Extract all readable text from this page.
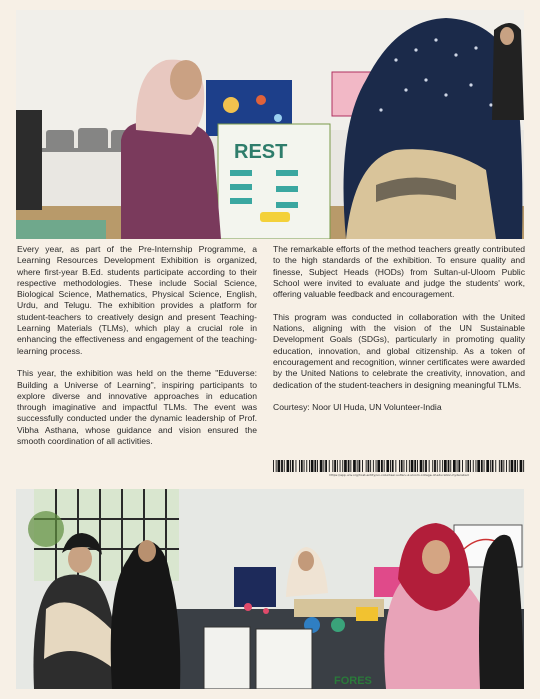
REST

Every year, as part of the Pre-Internship Programme, a Learning Resources Development Exhibition is organized, where first-year B.Ed. students participate according to their respective methodologies. These include Social Science, Biological Science, Mathematics, Physical Science, English, Urdu, and Telugu. The exhibition provides a platform for student-teachers to creatively design and present Teaching-Learning Materials (TLMs), which play a crucial role in enhancing the effectiveness and engagement of the teaching-learning process.

This year, the exhibition was held on the theme "Eduverse: Building a Universe of Learning", inspiring participants to explore diverse and innovative approaches in education through imaginative and impactful TLMs. The event was successfully conducted under the dynamic leadership of Prof. Vibha Asthana, whose guidance and vision ensured the smooth coordination of all activities.

The remarkable efforts of the method teachers greatly contributed to the high standards of the exhibition. To ensure quality and finesse, Subject Heads (HODs) from Sultan-ul-Uloom Public School were invited to evaluate and judge the students' work, offering valuable feedback and encouragement.

This program was conducted in collaboration with the United Nations, aligning with the vision of the UN Sustainable Development Goals (SDGs), particularly in promoting quality education, innovation, and global citizenship. As a token of encouragement and recognition, winner certificates were awarded by the United Nations to celebrate the creativity, innovation, and dedication of the student-teachers in designing meaningful TLMs.

Courtesy: Noor Ul Huda, UN Volunteer-India

https://app.unv.org/host-entity/un-volunteer-sultan-ul-uloom-college-of-education-hyderabad
FORES
